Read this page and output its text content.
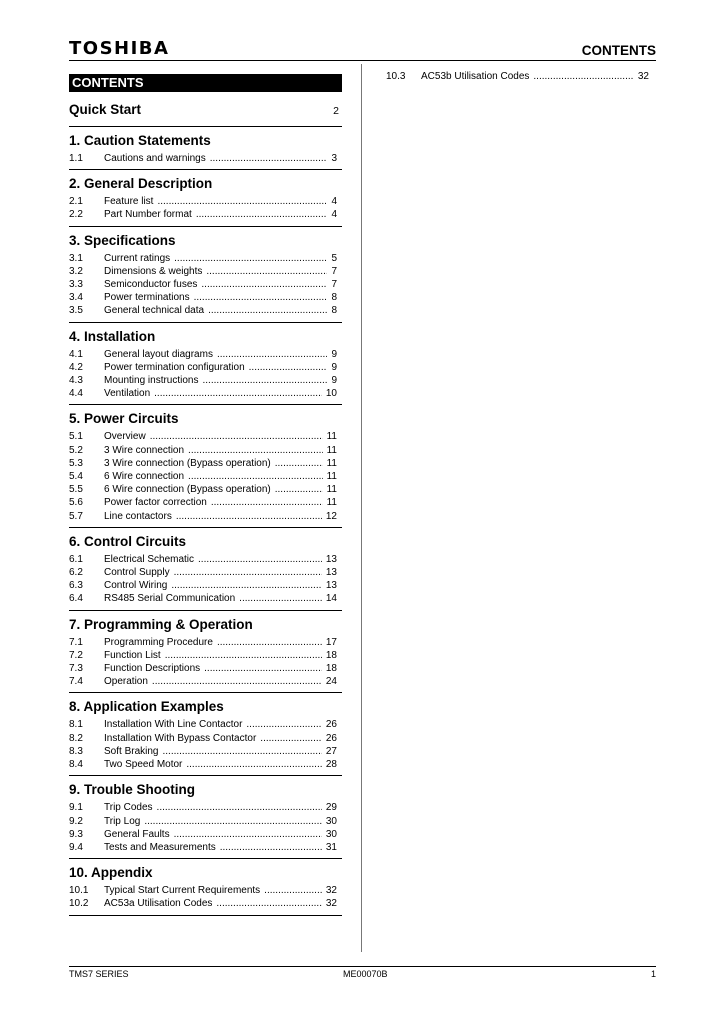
TOSHIBA	CONTENTS
CONTENTS
Quick Start	2
1. Caution Statements
1.1	Cautions and warnings .....	3
2. General Description
2.1	Feature list .....	4
2.2	Part Number format .....	4
3. Specifications
3.1	Current ratings .....	5
3.2	Dimensions & weights .....	7
3.3	Semiconductor fuses .....	7
3.4	Power terminations .....	8
3.5	General technical data .....	8
4. Installation
4.1	General layout diagrams .....	9
4.2	Power termination configuration .....	9
4.3	Mounting instructions .....	9
4.4	Ventilation .....	10
5. Power Circuits
5.1	Overview .....	11
5.2	3 Wire connection .....	11
5.3	3 Wire connection (Bypass operation) .....	11
5.4	6 Wire connection .....	11
5.5	6 Wire connection (Bypass operation) .....	11
5.6	Power factor correction .....	11
5.7	Line contactors .....	12
6. Control Circuits
6.1	Electrical Schematic .....	13
6.2	Control Supply .....	13
6.3	Control Wiring .....	13
6.4	RS485 Serial Communication .....	14
7. Programming & Operation
7.1	Programming Procedure .....	17
7.2	Function List .....	18
7.3	Function Descriptions .....	18
7.4	Operation .....	24
8. Application Examples
8.1	Installation With Line Contactor .....	26
8.2	Installation With Bypass Contactor .....	26
8.3	Soft Braking .....	27
8.4	Two Speed Motor .....	28
9. Trouble Shooting
9.1	Trip Codes .....	29
9.2	Trip Log .....	30
9.3	General Faults .....	30
9.4	Tests and Measurements .....	31
10. Appendix
10.1	Typical Start Current Requirements .....	32
10.2	AC53a Utilisation Codes .....	32
10.3	AC53b Utilisation Codes .....	32
TMS7 SERIES	ME00070B	1
